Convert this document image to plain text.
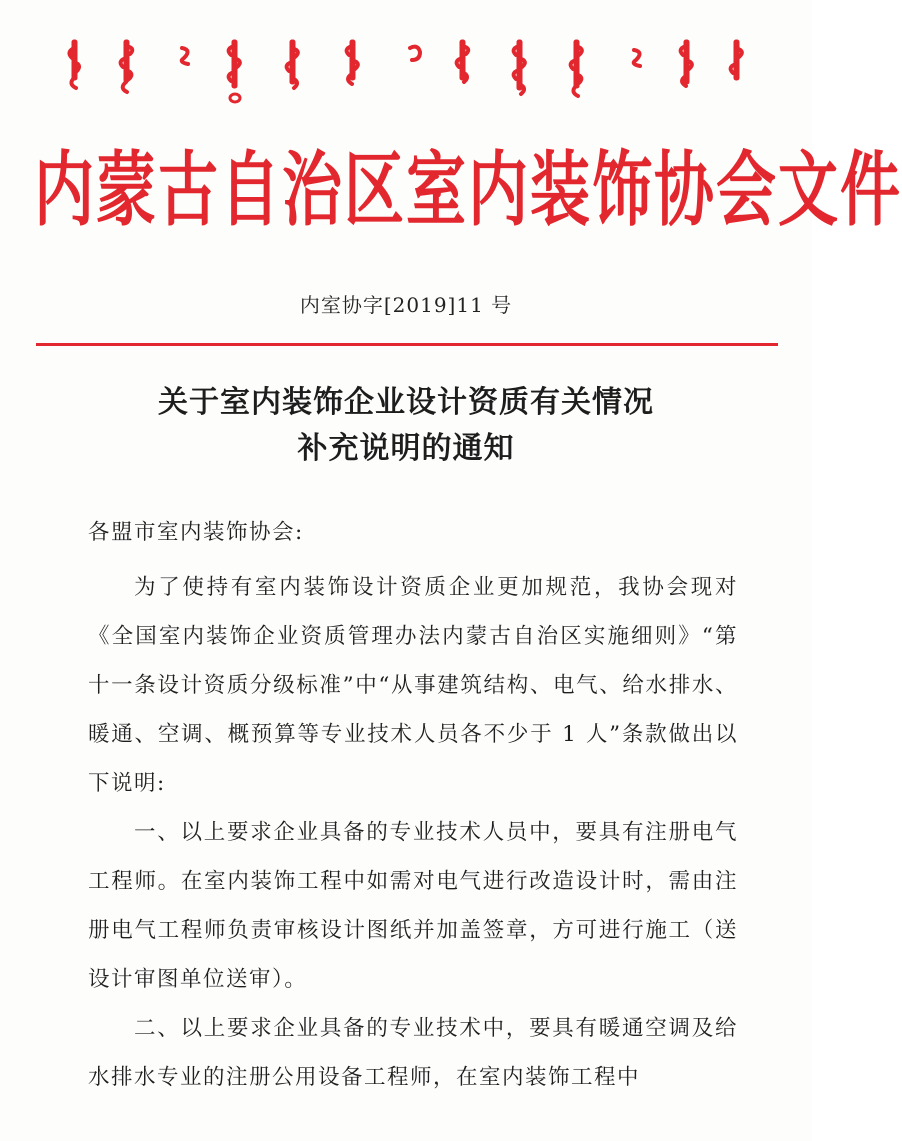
内蒙古自治区室内装饰协会文件
内室协字[2019]11 号
关于室内装饰企业设计资质有关情况
补充说明的通知

各盟市室内装饰协会:

为了使持有室内装饰设计资质企业更加规范，我协会现对《全国室内装饰企业资质管理办法内蒙古自治区实施细则》“第十一条设计资质分级标准”中“从事建筑结构、电气、给水排水、暖通、空调、概预算等专业技术人员各不少于 1 人”条款做出以下说明:

一、以上要求企业具备的专业技术人员中，要具有注册电气工程师。在室内装饰工程中如需对电气进行改造设计时，需由注册电气工程师负责审核设计图纸并加盖签章，方可进行施工（送设计审图单位送审）。

二、以上要求企业具备的专业技术中，要具有暖通空调及给水排水专业的注册公用设备工程师，在室内装饰工程中
